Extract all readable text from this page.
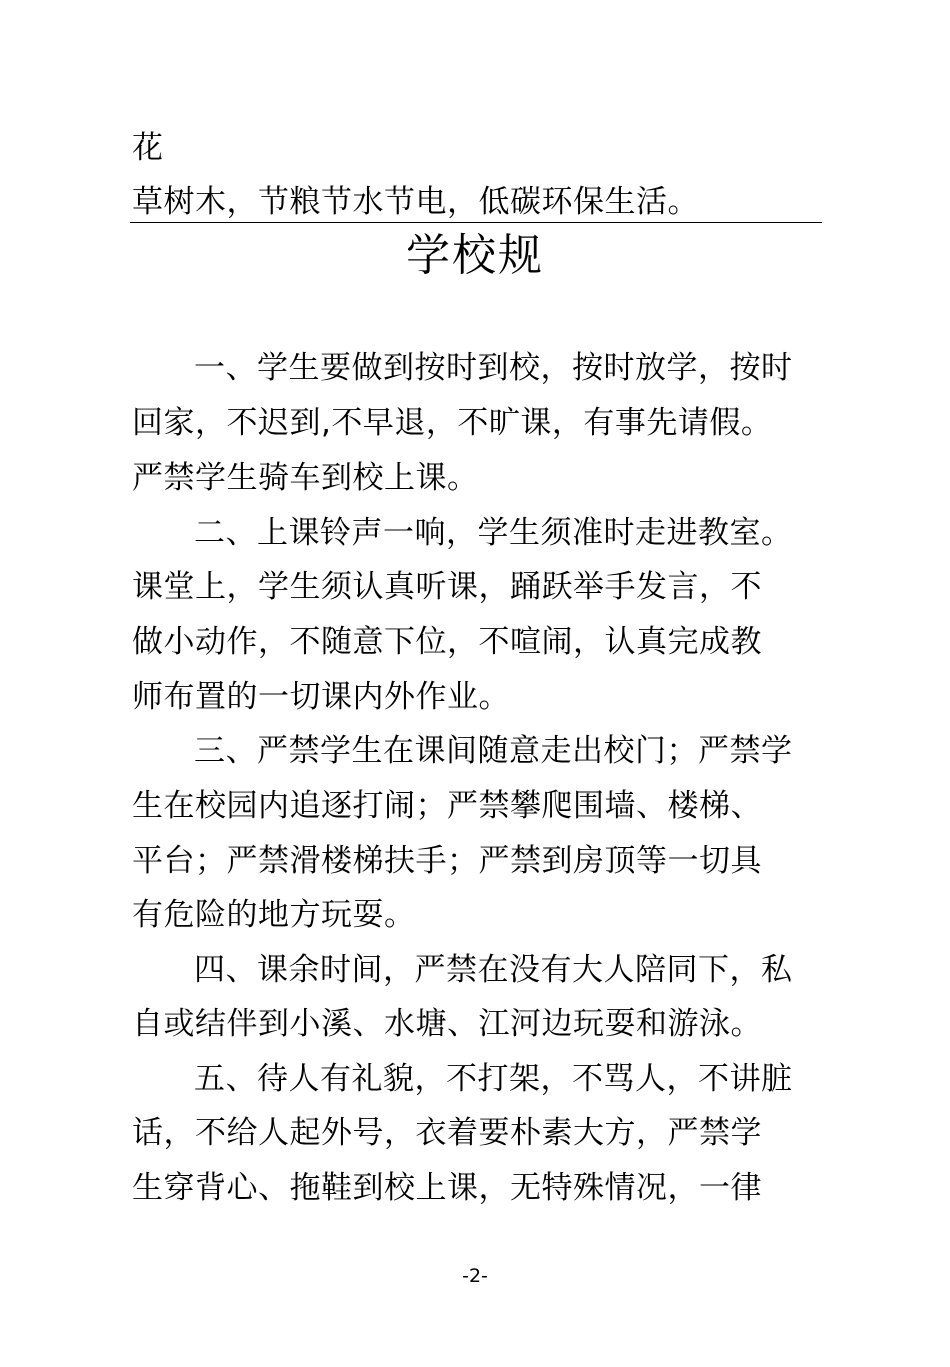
花
草树木，节粮节水节电，低碳环保生活。
学校规
一、学生要做到按时到校，按时放学，按时
回家，不迟到,不早退，不旷课，有事先请假。
严禁学生骑车到校上课。
二、上课铃声一响，学生须准时走进教室。
课堂上，学生须认真听课，踊跃举手发言，不
做小动作，不随意下位，不喧闹，认真完成教
师布置的一切课内外作业。
三、严禁学生在课间随意走出校门；严禁学
生在校园内追逐打闹；严禁攀爬围墙、楼梯、
平台；严禁滑楼梯扶手；严禁到房顶等一切具
有危险的地方玩耍。
四、课余时间，严禁在没有大人陪同下，私
自或结伴到小溪、水塘、江河边玩耍和游泳。
五、待人有礼貌，不打架，不骂人，不讲脏
话，不给人起外号，衣着要朴素大方，严禁学
生穿背心、拖鞋到校上课，无特殊情况，一律
-2-
